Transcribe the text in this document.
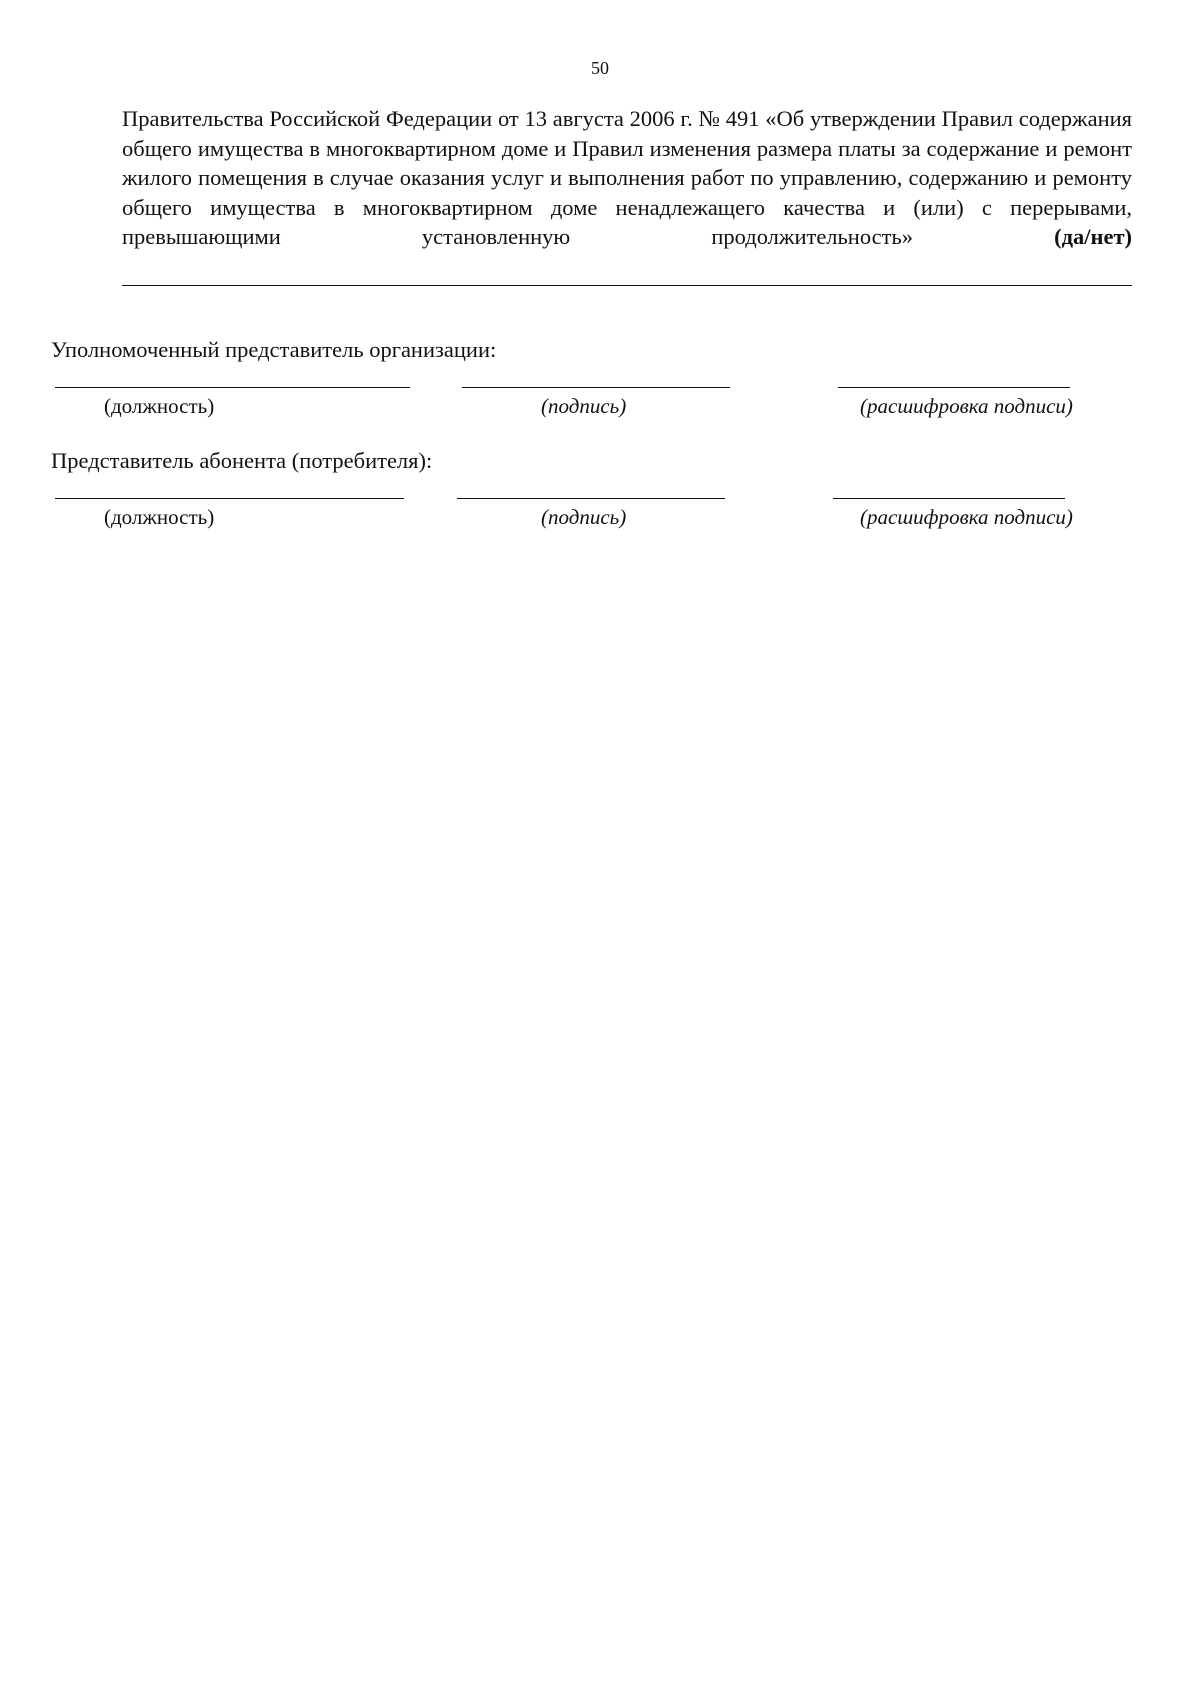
50

Правительства Российской Федерации от 13 августа 2006 г. № 491 «Об утверждении Правил содержания общего имущества в многоквартирном доме и Правил изменения размера платы за содержание и ремонт жилого помещения в случае оказания услуг и выполнения работ по управлению, содержанию и ремонту общего имущества в многоквартирном доме ненадлежащего качества и (или) с перерывами, превышающими установленную продолжительность»	(да/нет)

Уполномоченный представитель организации:
(должность)	(подпись)	(расшифровка подписи)
Представитель абонента (потребителя):
(должность)	(подпись)	(расшифровка подписи)
